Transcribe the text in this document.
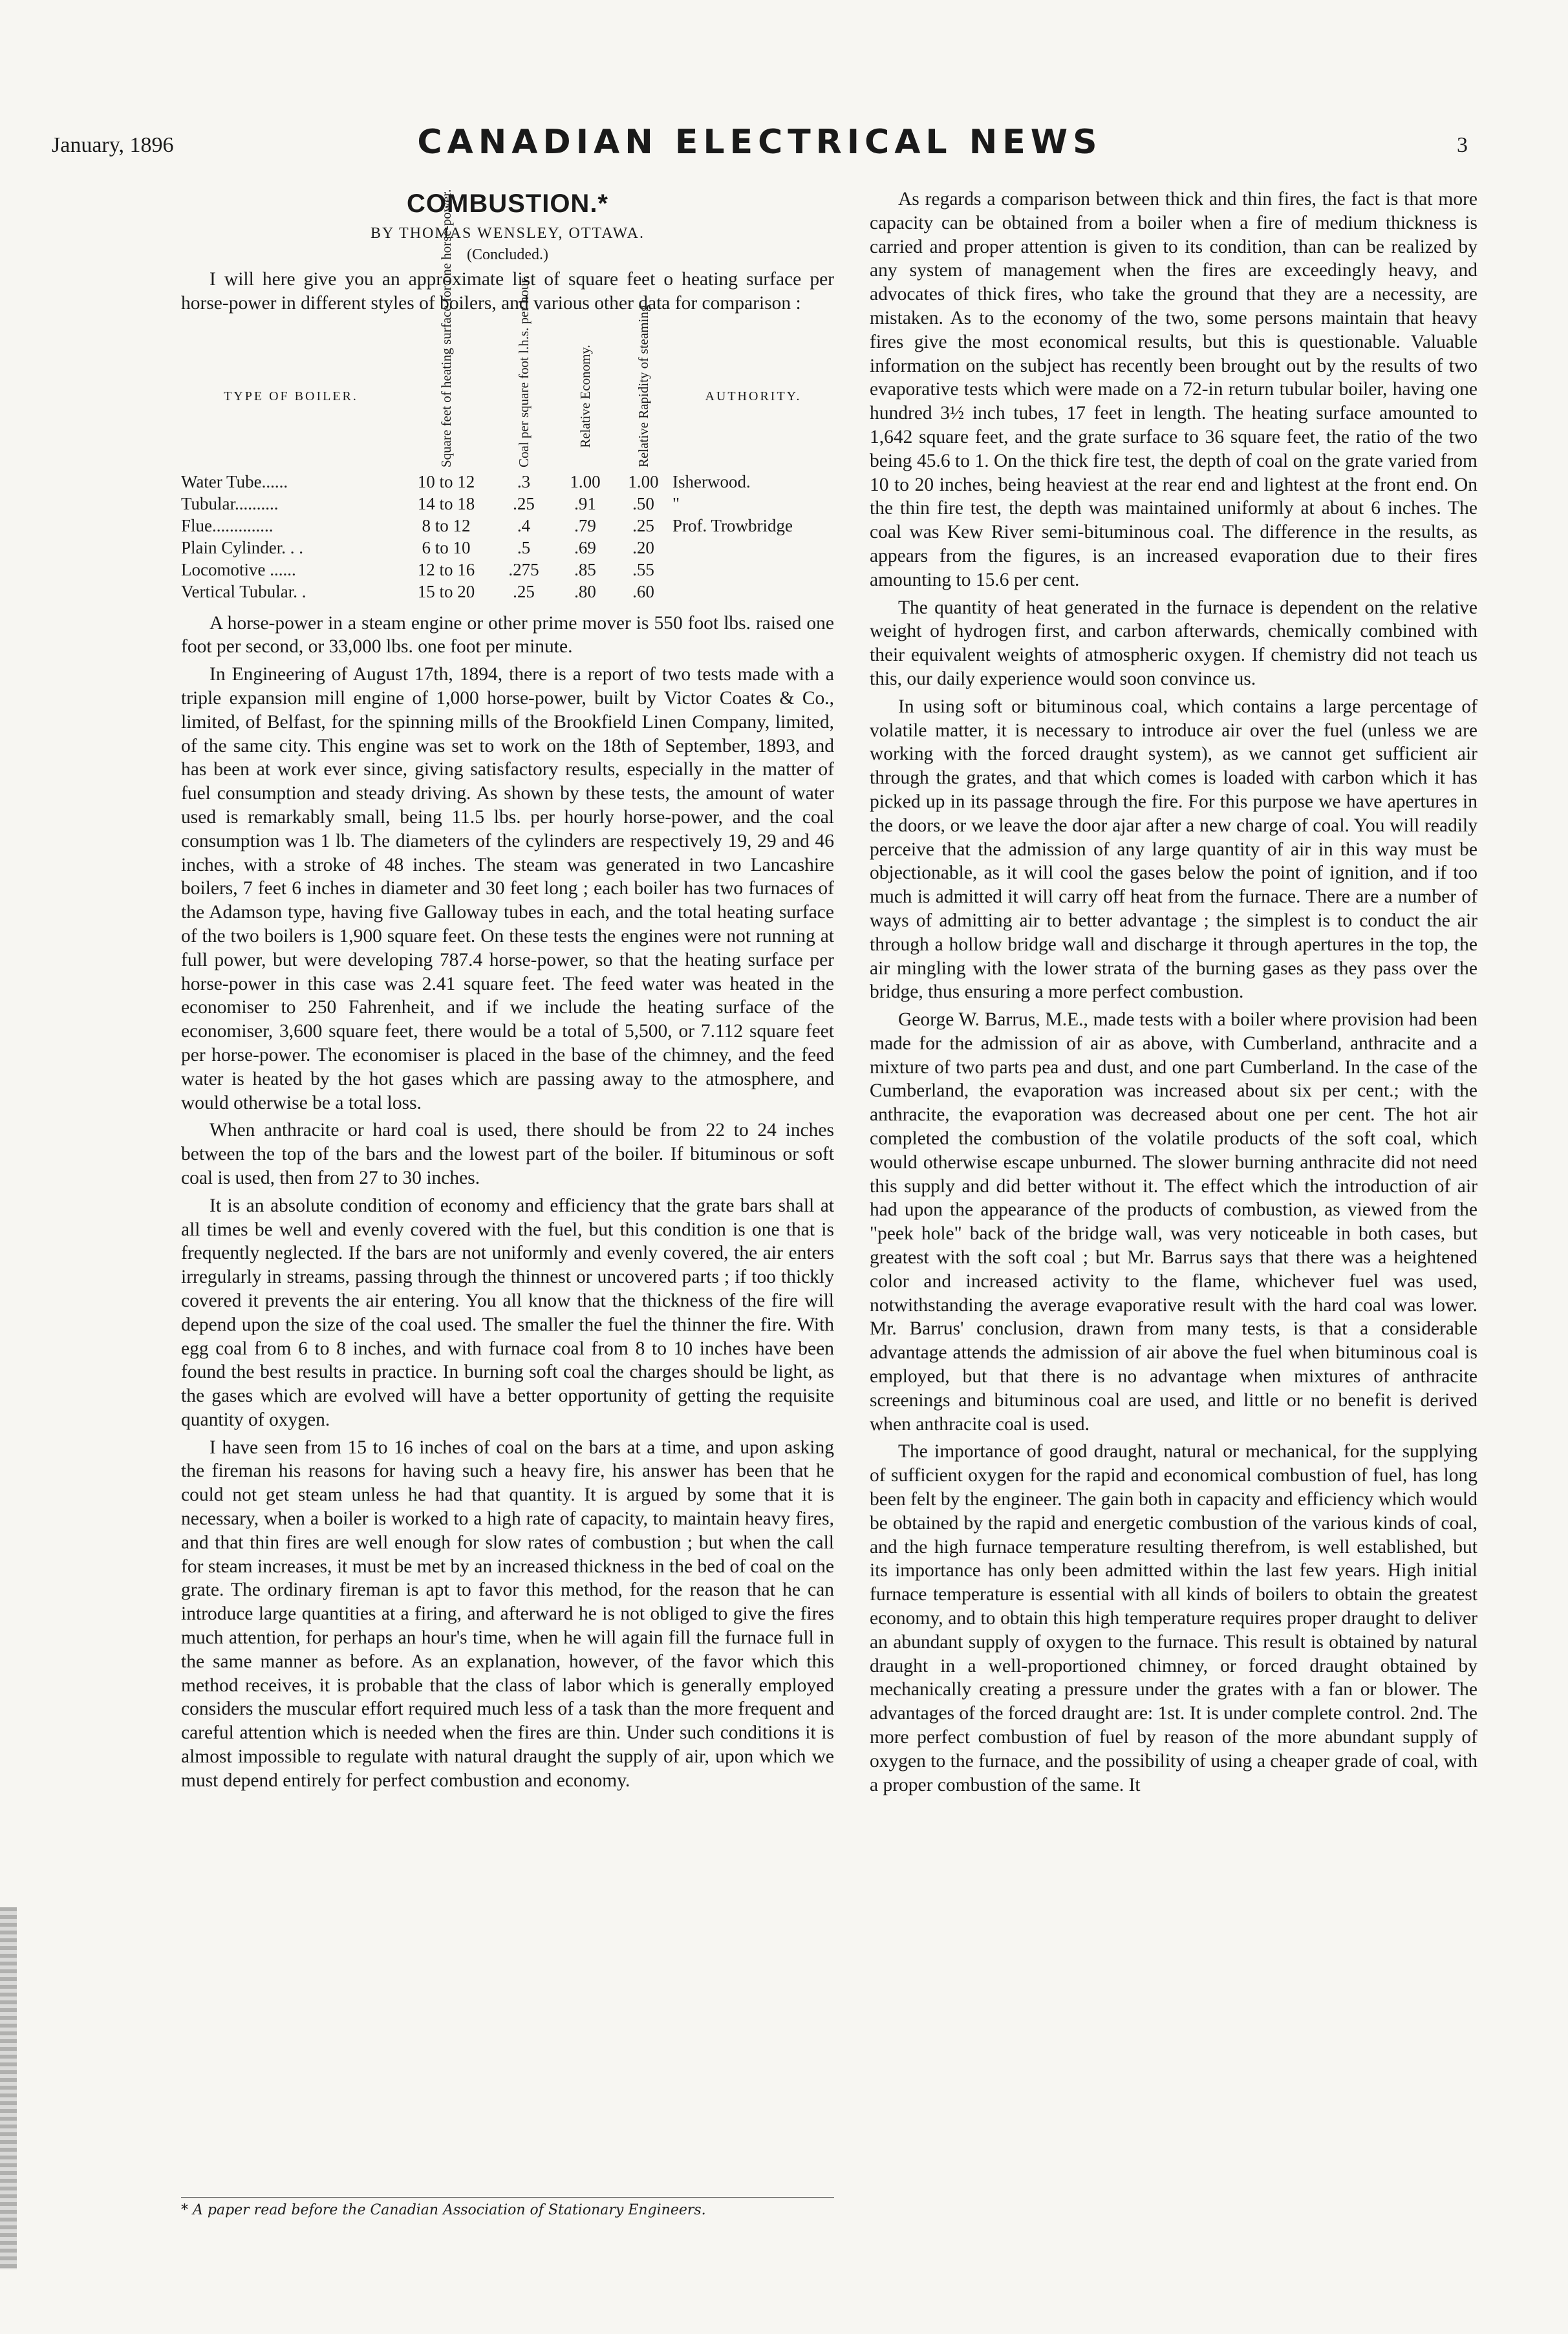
January, 1896	CANADIAN ELECTRICAL NEWS	3
COMBUSTION.*
BY THOMAS WENSLEY, OTTAWA.
(Concluded.)

I will here give you an approximate list of square feet o heating surface per horse-power in different styles of boilers, and various other data for comparison :

TYPE OF BOILER.	Square feet of heating surface for one horse-power.	Coal per square foot l.h.s. per hour.	Relative Economy.	Relative Rapidity of steaming	AUTHORITY.
Water Tube......	10 to 12	.3	1.00	1.00 Isherwood.
Tubular..........	14 to 18	.25	.91	.50	"
Flue..............	8 to 12	.4	.79	.25	Prof. Trowbridge
Plain Cylinder. . .	6 to 10	.5	.69	.20
Locomotive ......	12 to 16	.275	.85	.55
Vertical Tubular. .	15 to 20	.25	.80	.60

A horse-power in a steam engine or other prime mover is 550 foot lbs. raised one foot per second, or 33,000 lbs. one foot per minute.

In Engineering of August 17th, 1894, there is a report of two tests made with a triple expansion mill engine of 1,000 horse-power, built by Victor Coates & Co., limited, of Belfast, for the spinning mills of the Brookfield Linen Company, limited, of the same city. This engine was set to work on the 18th of September, 1893, and has been at work ever since, giving satisfactory results, especially in the matter of fuel consumption and steady driving. As shown by these tests, the amount of water used is remarkably small, being 11.5 lbs. per hourly horse-power, and the coal consumption was 1 lb. The diameters of the cylinders are respectively 19, 29 and 46 inches, with a stroke of 48 inches. The steam was generated in two Lancashire boilers, 7 feet 6 inches in diameter and 30 feet long ; each boiler has two furnaces of the Adamson type, having five Galloway tubes in each, and the total heating surface of the two boilers is 1,900 square feet. On these tests the engines were not running at full power, but were developing 787.4 horse-power, so that the heating surface per horse-power in this case was 2.41 square feet. The feed water was heated in the economiser to 250 Fahrenheit, and if we include the heating surface of the economiser, 3,600 square feet, there would be a total of 5,500, or 7.112 square feet per horse-power. The economiser is placed in the base of the chimney, and the feed water is heated by the hot gases which are passing away to the atmosphere, and would otherwise be a total loss.

When anthracite or hard coal is used, there should be from 22 to 24 inches between the top of the bars and the lowest part of the boiler. If bituminous or soft coal is used, then from 27 to 30 inches.

It is an absolute condition of economy and efficiency that the grate bars shall at all times be well and evenly covered with the fuel, but this condition is one that is frequently neglected. If the bars are not uniformly and evenly covered, the air enters irregularly in streams, passing through the thinnest or uncovered parts ; if too thickly covered it prevents the air entering. You all know that the thickness of the fire will depend upon the size of the coal used. The smaller the fuel the thinner the fire. With egg coal from 6 to 8 inches, and with furnace coal from 8 to 10 inches have been found the best results in practice. In burning soft coal the charges should be light, as the gases which are evolved will have a better opportunity of getting the requisite quantity of oxygen.

I have seen from 15 to 16 inches of coal on the bars at a time, and upon asking the fireman his reasons for having such a heavy fire, his answer has been that he could not get steam unless he had that quantity. It is argued by some that it is necessary, when a boiler is worked to a high rate of capacity, to maintain heavy fires, and that thin fires are well enough for slow rates of combustion ; but when the call for steam increases, it must be met by an increased thickness in the bed of coal on the grate. The ordinary fireman is apt to favor this method, for the reason that he can introduce large quantities at a firing, and afterward he is not obliged to give the fires much attention, for perhaps an hour's time, when he will again fill the furnace full in the same manner as before. As an explanation, however, of the favor which this method receives, it is probable that the class of labor which is generally employed considers the muscular effort required much less of a task than the more frequent and careful attention which is needed when the fires are thin. Under such conditions it is almost impossible to regulate with natural draught the supply of air, upon which we must depend entirely for perfect combustion and economy.

* A paper read before the Canadian Association of Stationary Engineers.

As regards a comparison between thick and thin fires, the fact is that more capacity can be obtained from a boiler when a fire of medium thickness is carried and proper attention is given to its condition, than can be realized by any system of management when the fires are exceedingly heavy, and advocates of thick fires, who take the ground that they are a necessity, are mistaken. As to the economy of the two, some persons maintain that heavy fires give the most economical results, but this is questionable. Valuable information on the subject has recently been brought out by the results of two evaporative tests which were made on a 72-in return tubular boiler, having one hundred 3½ inch tubes, 17 feet in length. The heating surface amounted to 1,642 square feet, and the grate surface to 36 square feet, the ratio of the two being 45.6 to 1. On the thick fire test, the depth of coal on the grate varied from 10 to 20 inches, being heaviest at the rear end and lightest at the front end. On the thin fire test, the depth was maintained uniformly at about 6 inches. The coal was Kew River semi-bituminous coal. The difference in the results, as appears from the figures, is an increased evaporation due to their fires amounting to 15.6 per cent.

The quantity of heat generated in the furnace is dependent on the relative weight of hydrogen first, and carbon afterwards, chemically combined with their equivalent weights of atmospheric oxygen. If chemistry did not teach us this, our daily experience would soon convince us.

In using soft or bituminous coal, which contains a large percentage of volatile matter, it is necessary to introduce air over the fuel (unless we are working with the forced draught system), as we cannot get sufficient air through the grates, and that which comes is loaded with carbon which it has picked up in its passage through the fire. For this purpose we have apertures in the doors, or we leave the door ajar after a new charge of coal. You will readily perceive that the admission of any large quantity of air in this way must be objectionable, as it will cool the gases below the point of ignition, and if too much is admitted it will carry off heat from the furnace. There are a number of ways of admitting air to better advantage ; the simplest is to conduct the air through a hollow bridge wall and discharge it through apertures in the top, the air mingling with the lower strata of the burning gases as they pass over the bridge, thus ensuring a more perfect combustion.

George W. Barrus, M.E., made tests with a boiler where provision had been made for the admission of air as above, with Cumberland, anthracite and a mixture of two parts pea and dust, and one part Cumberland. In the case of the Cumberland, the evaporation was increased about six per cent.; with the anthracite, the evaporation was decreased about one per cent. The hot air completed the combustion of the volatile products of the soft coal, which would otherwise escape unburned. The slower burning anthracite did not need this supply and did better without it. The effect which the introduction of air had upon the appearance of the products of combustion, as viewed from the "peek hole" back of the bridge wall, was very noticeable in both cases, but greatest with the soft coal ; but Mr. Barrus says that there was a heightened color and increased activity to the flame, whichever fuel was used, notwithstanding the average evaporative result with the hard coal was lower. Mr. Barrus' conclusion, drawn from many tests, is that a considerable advantage attends the admission of air above the fuel when bituminous coal is employed, but that there is no advantage when mixtures of anthracite screenings and bituminous coal are used, and little or no benefit is derived when anthracite coal is used.

The importance of good draught, natural or mechanical, for the supplying of sufficient oxygen for the rapid and economical combustion of fuel, has long been felt by the engineer. The gain both in capacity and efficiency which would be obtained by the rapid and energetic combustion of the various kinds of coal, and the high furnace temperature resulting therefrom, is well established, but its importance has only been admitted within the last few years. High initial furnace temperature is essential with all kinds of boilers to obtain the greatest economy, and to obtain this high temperature requires proper draught to deliver an abundant supply of oxygen to the furnace. This result is obtained by natural draught in a well-proportioned chimney, or forced draught obtained by mechanically creating a pressure under the grates with a fan or blower. The advantages of the forced draught are: 1st. It is under complete control. 2nd. The more perfect combustion of fuel by reason of the more abundant supply of oxygen to the furnace, and the possibility of using a cheaper grade of coal, with a proper combustion of the same. It
